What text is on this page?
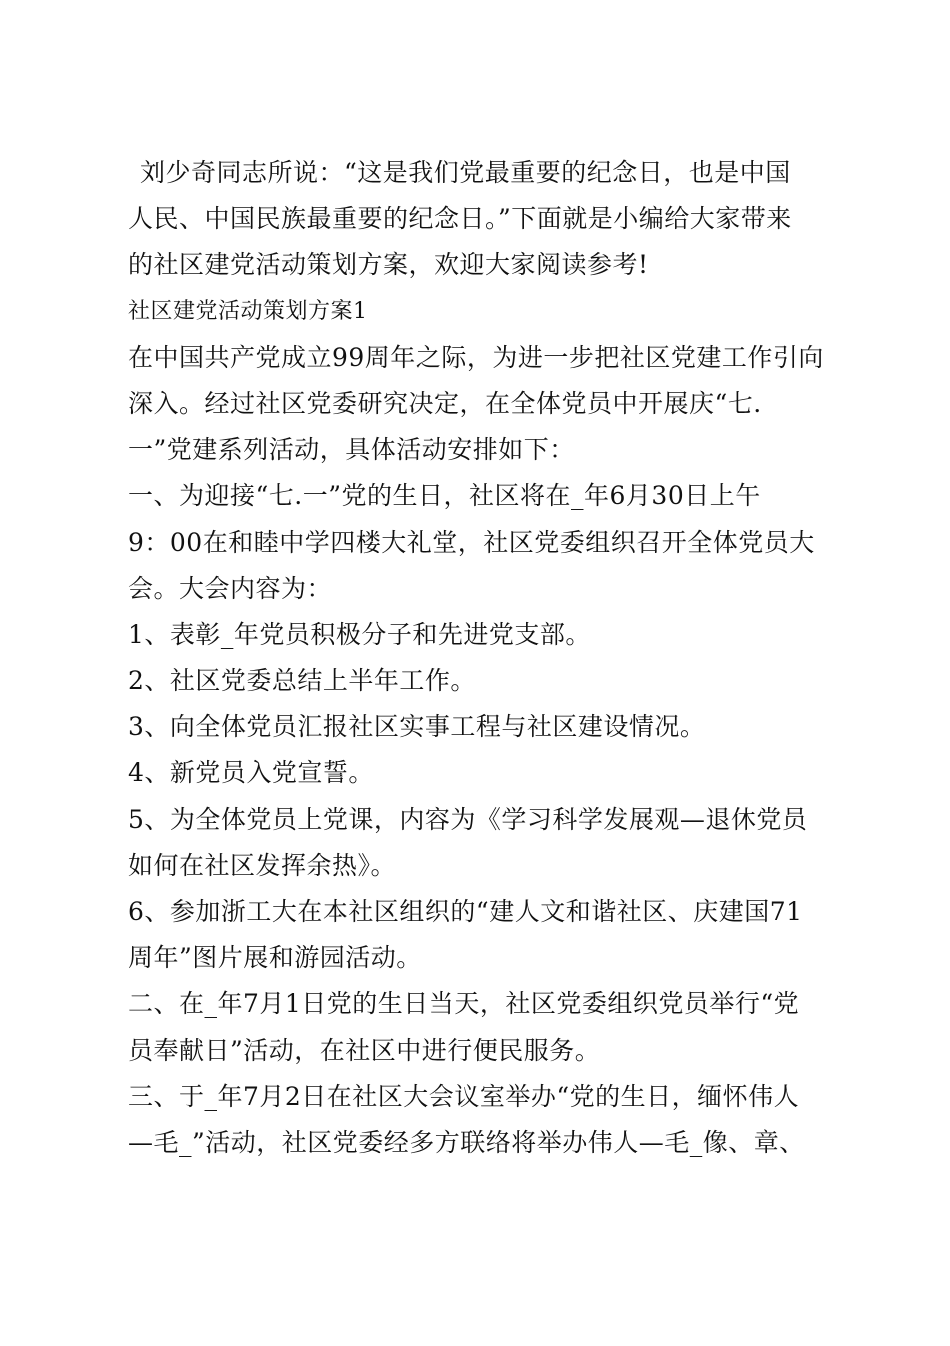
刘少奇同志所说：“这是我们党最重要的纪念日，也是中国
人民、中国民族最重要的纪念日。”下面就是小编给大家带来
的社区建党活动策划方案，欢迎大家阅读参考!
社区建党活动策划方案1
在中国共产党成立99周年之际，为进一步把社区党建工作引向
深入。经过社区党委研究决定，在全体党员中开展庆“七.
一”党建系列活动，具体活动安排如下：
一、为迎接“七.一”党的生日，社区将在_年6月30日上午
9：00在和睦中学四楼大礼堂，社区党委组织召开全体党员大
会。大会内容为：
1、表彰_年党员积极分子和先进党支部。
2、社区党委总结上半年工作。
3、向全体党员汇报社区实事工程与社区建设情况。
4、新党员入党宣誓。
5、为全体党员上党课，内容为《学习科学发展观—退休党员
如何在社区发挥余热》。
6、参加浙工大在本社区组织的“建人文和谐社区、庆建国71
周年”图片展和游园活动。
二、在_年7月1日党的生日当天，社区党委组织党员举行“党
员奉献日”活动，在社区中进行便民服务。
三、于_年7月2日在社区大会议室举办“党的生日，缅怀伟人
—毛_”活动，社区党委经多方联络将举办伟人—毛_像、章、
